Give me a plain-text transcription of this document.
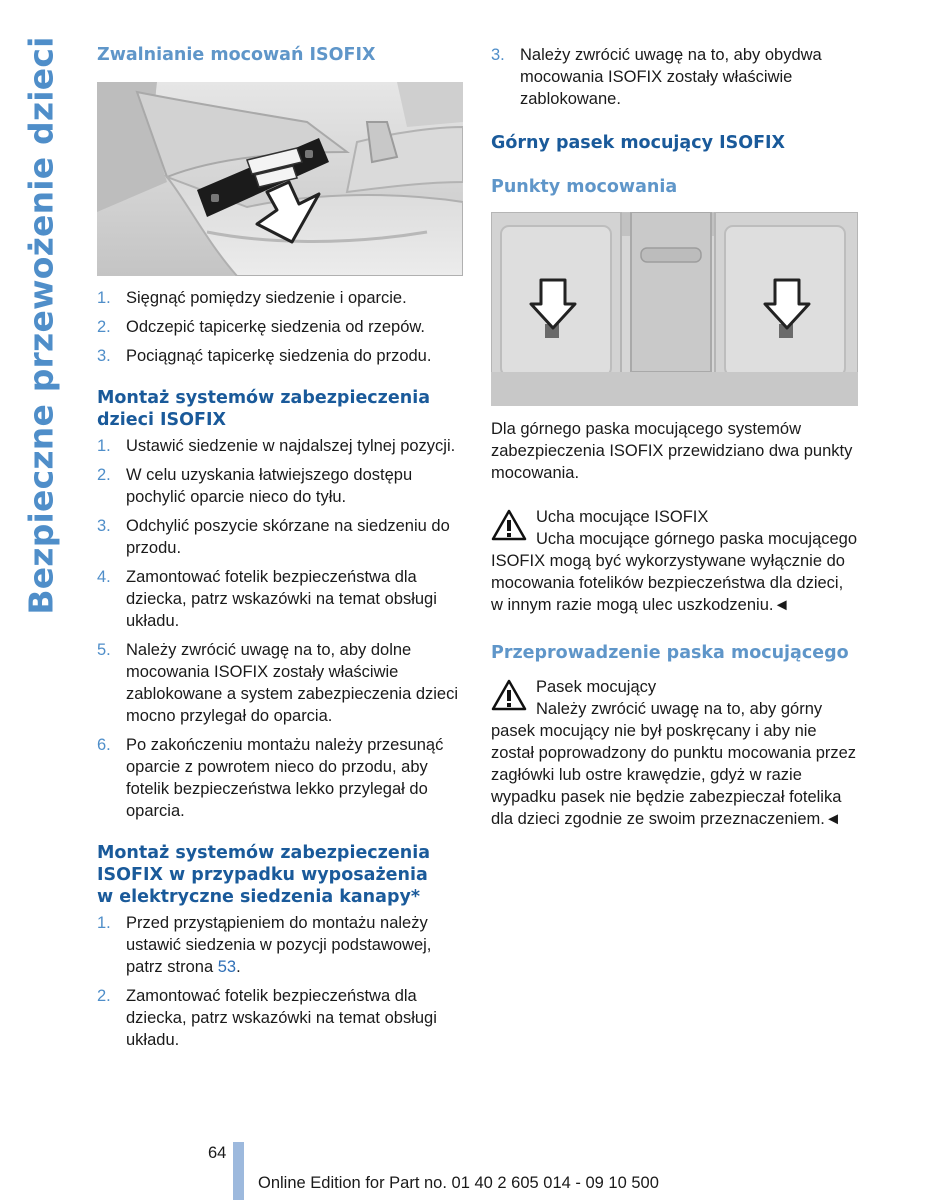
Bezpieczne przewożenie dzieci Zwalnianie mocowań ISOFIX
1. Sięgnąć pomiędzy siedzenie i oparcie.
2. Odczepić tapicerkę siedzenia od rzepów.
3. Pociągnąć tapicerkę siedzenia do przodu.
Montaż systemów zabezpieczenia dzieci ISOFIX
1. Ustawić siedzenie w najdalszej tylnej pozycji.
2. W celu uzyskania łatwiejszego dostępu pochylić oparcie nieco do tyłu.
3. Odchylić poszycie skórzane na siedzeniu do przodu.
4. Zamontować fotelik bezpieczeństwa dla dziecka, patrz wskazówki na temat obsługi układu.
5. Należy zwrócić uwagę na to, aby dolne mocowania ISOFIX zostały właściwie zablokowane a system zabezpieczenia dzieci mocno przylegał do oparcia.
6. Po zakończeniu montażu należy przesunąć oparcie z powrotem nieco do przodu, aby fotelik bezpieczeństwa lekko przylegał do oparcia.
Montaż systemów zabezpieczenia ISOFIX w przypadku wyposażenia w elektryczne siedzenia kanapy*
1. Przed przystąpieniem do montażu należy ustawić siedzenia w pozycji podstawowej, patrz strona 53.
2. Zamontować fotelik bezpieczeństwa dla dziecka, patrz wskazówki na temat obsługi układu.
3. Należy zwrócić uwagę na to, aby obydwa mocowania ISOFIX zostały właściwie zablokowane.
Górny pasek mocujący ISOFIX
Punkty mocowania

Dla górnego paska mocującego systemów zabezpieczenia ISOFIX przewidziano dwa punkty mocowania.

Ucha mocujące ISOFIX
Ucha mocujące górnego paska mocującego ISOFIX mogą być wykorzystywane wyłącznie do mocowania fotelików bezpieczeństwa dla dzieci, w innym razie mogą ulec uszkodzeniu.◄
Przeprowadzenie paska mocującego
Pasek mocujący
Należy zwrócić uwagę na to, aby górny pasek mocujący nie był poskręcany i aby nie został poprowadzony do punktu mocowania przez zagłówki lub ostre krawędzie, gdyż w razie wypadku pasek nie będzie zabezpieczał fotelika dla dzieci zgodnie ze swoim przeznaczeniem.◄
64
Online Edition for Part no. 01 40 2 605 014 - 09 10 500
